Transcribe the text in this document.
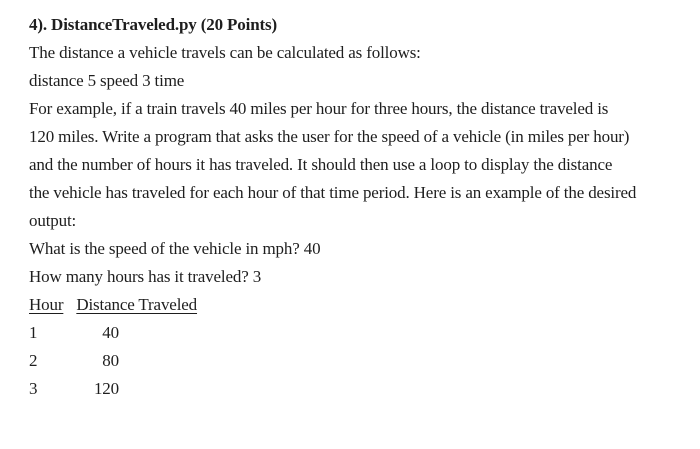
4). DistanceTraveled.py (20 Points)
The distance a vehicle travels can be calculated as follows:
distance 5 speed 3 time
For example, if a train travels 40 miles per hour for three hours, the distance traveled is
120 miles. Write a program that asks the user for the speed of a vehicle (in miles per hour)
and the number of hours it has traveled. It should then use a loop to display the distance
the vehicle has traveled for each hour of that time period. Here is an example of the desired
output:
What is the speed of the vehicle in mph? 40
How many hours has it traveled? 3
Hour Distance Traveled
1	40
2	80
3	120
